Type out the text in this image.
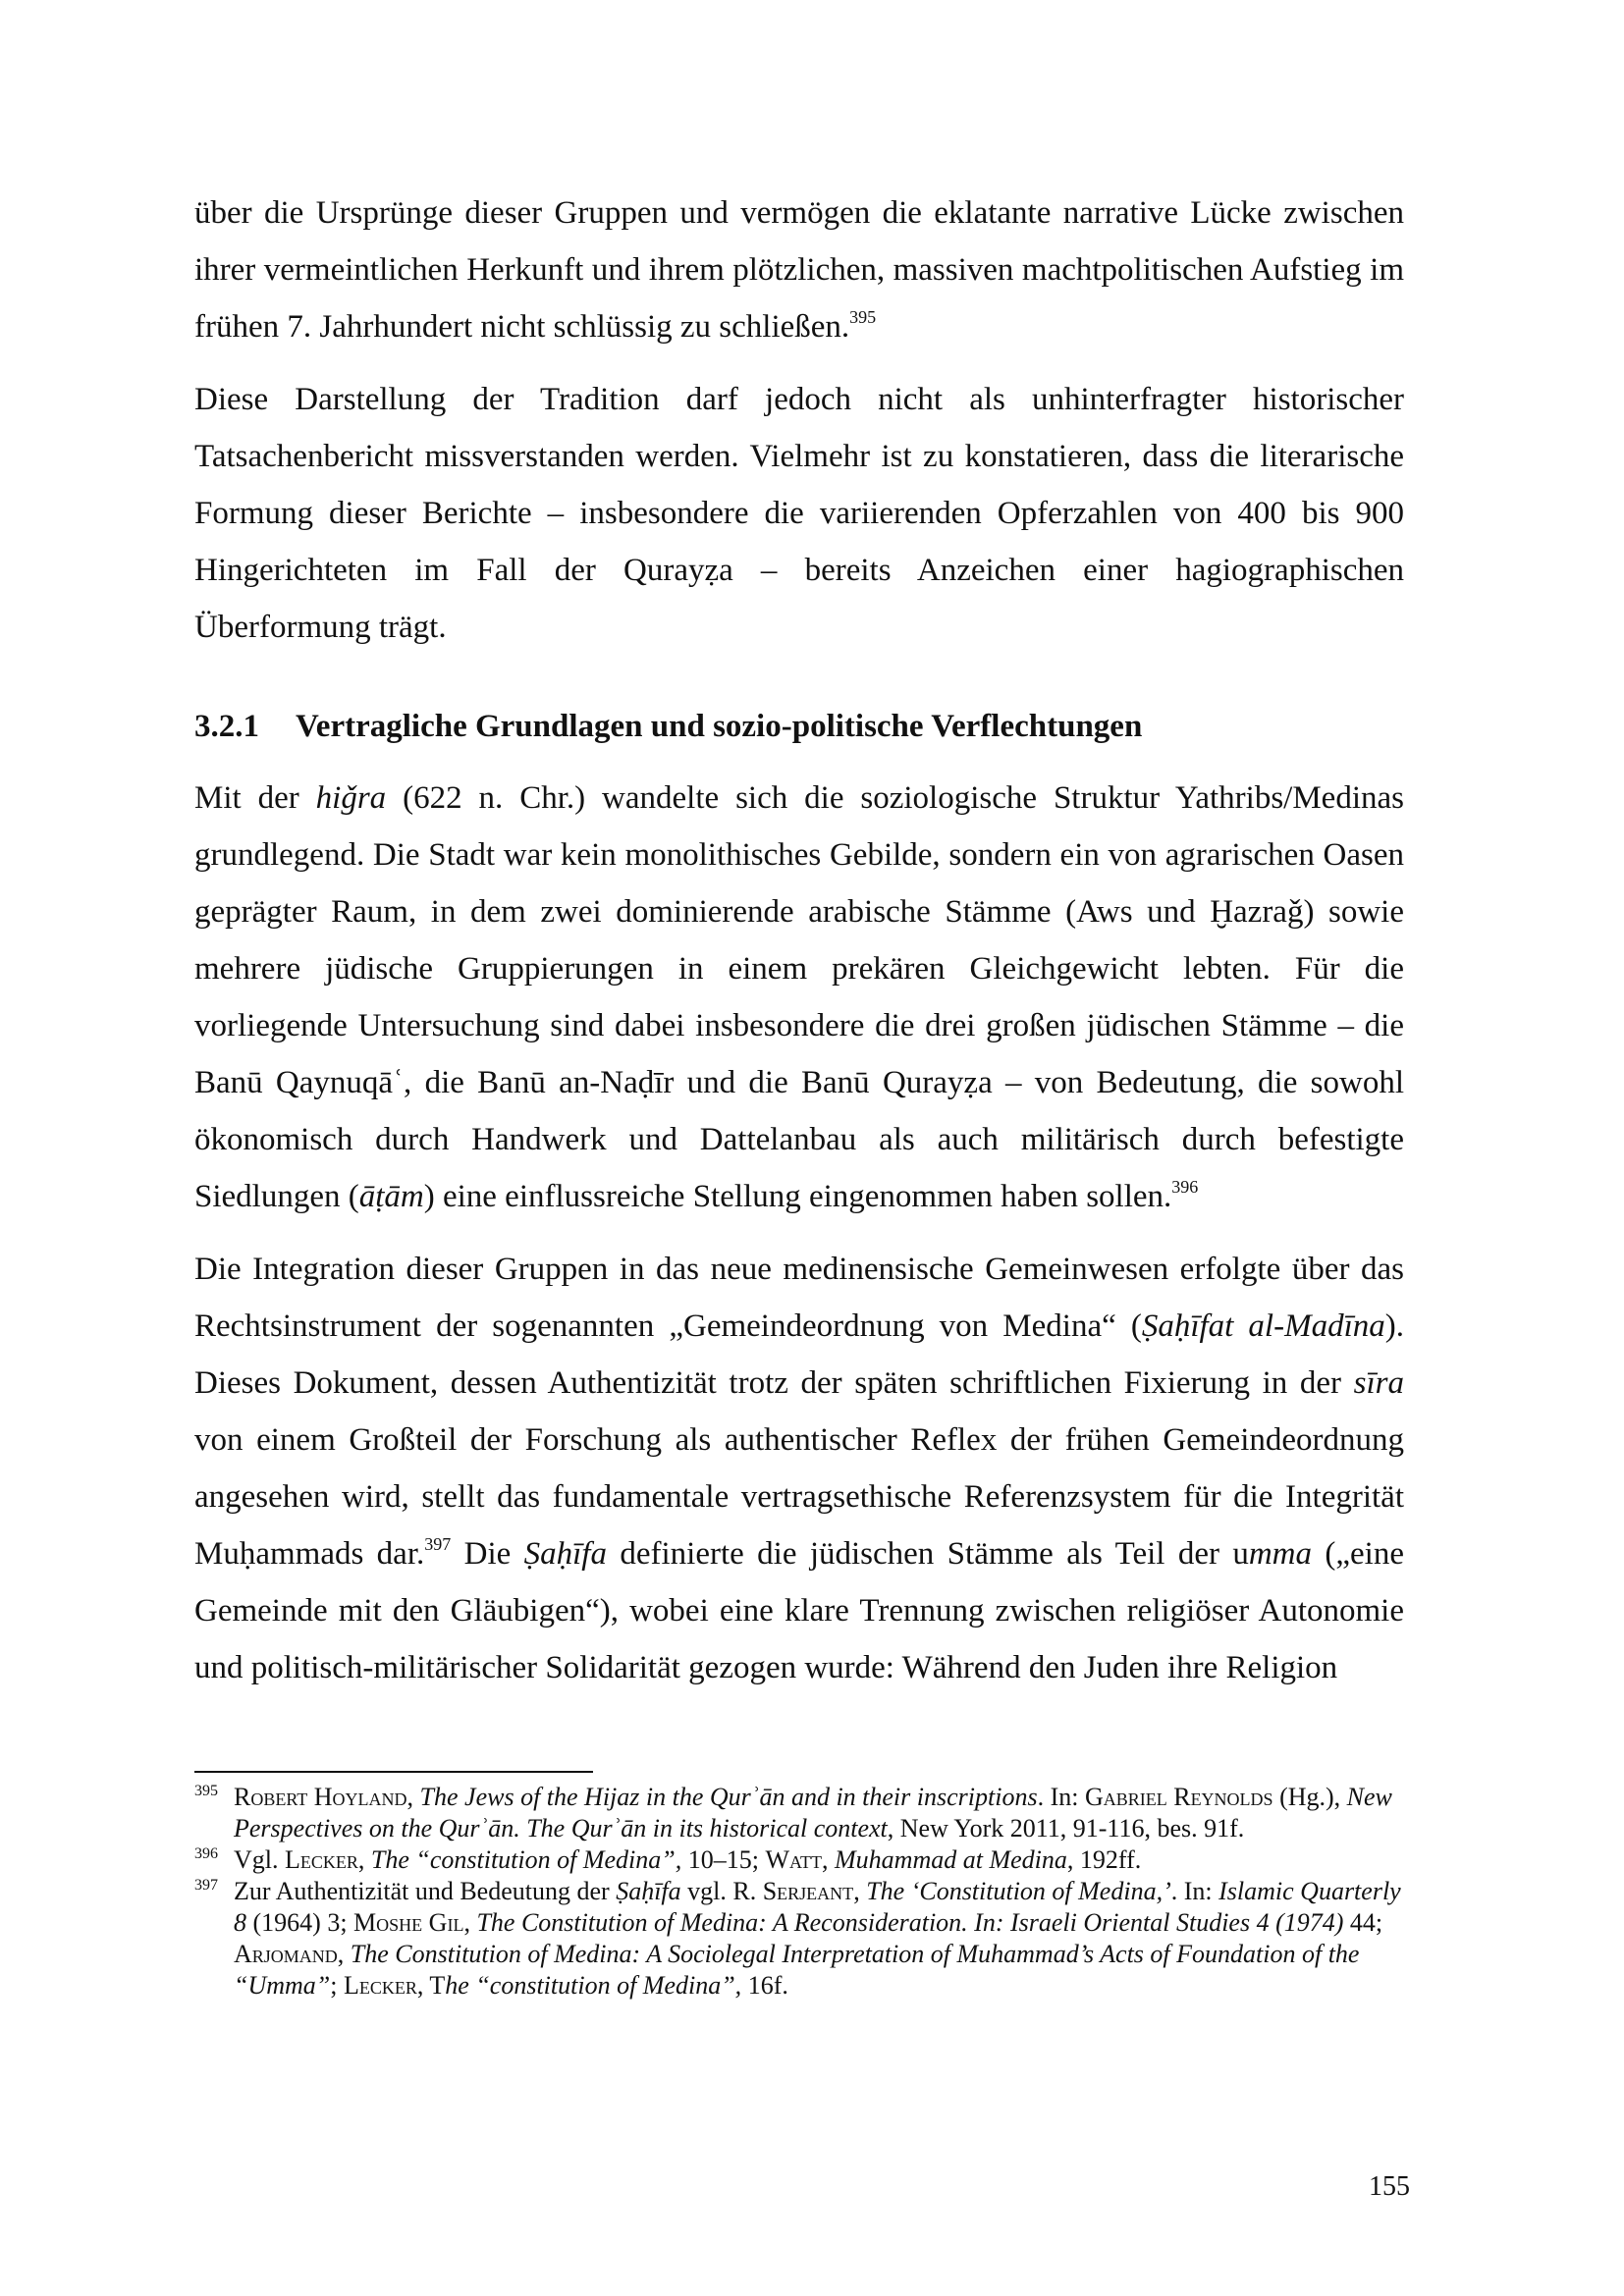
über die Ursprünge dieser Gruppen und vermögen die eklatante narrative Lücke zwischen ihrer vermeintlichen Herkunft und ihrem plötzlichen, massiven machtpolitischen Aufstieg im frühen 7. Jahrhundert nicht schlüssig zu schließen.$^{395}$

Diese Darstellung der Tradition darf jedoch nicht als unhinterfragter historischer Tatsachenbericht missverstanden werden. Vielmehr ist zu konstatieren, dass die literarische Formung dieser Berichte – insbesondere die variierenden Opferzahlen von 400 bis 900 Hingerichteten im Fall der Qurayẓa – bereits Anzeichen einer hagiographischen Überformung trägt.

3.2.1 Vertragliche Grundlagen und sozio-politische Verflechtungen

Mit der hiǧra (622 n. Chr.) wandelte sich die soziologische Struktur Yathribs/Medinas grundlegend. Die Stadt war kein monolithisches Gebilde, sondern ein von agrarischen Oasen geprägter Raum, in dem zwei dominierende arabische Stämme (Aws und Ḫazraǧ) sowie mehrere jüdische Gruppierungen in einem prekären Gleichgewicht lebten. Für die vorliegende Untersuchung sind dabei insbesondere die drei großen jüdischen Stämme – die Banū Qaynuqāʿ, die Banū an-Naḍīr und die Banū Qurayẓa – von Bedeutung, die sowohl ökonomisch durch Handwerk und Dattelanbau als auch militärisch durch befestigte Siedlungen (āṭām) eine einflussreiche Stellung eingenommen haben sollen.$^{396}$

Die Integration dieser Gruppen in das neue medinensische Gemeinwesen erfolgte über das Rechtsinstrument der sogenannten „Gemeindeordnung von Medina“ (Ṣaḥīfat al-Madīna). Dieses Dokument, dessen Authentizität trotz der späten schriftlichen Fixierung in der sīra von einem Großteil der Forschung als authentischer Reflex der frühen Gemeindeordnung angesehen wird, stellt das fundamentale vertragsethische Referenzsystem für die Integrität Muḥammads dar.$^{397}$ Die Ṣaḥīfa definierte die jüdischen Stämme als Teil der umma („eine Gemeinde mit den Gläubigen“), wobei eine klare Trennung zwischen religiöser Autonomie und politisch-militärischer Solidarität gezogen wurde: Während den Juden ihre Religion

395 Robert Hoyland, The Jews of the Hijaz in the Qurʾān and in their inscriptions. In: Gabriel Reynolds (Hg.), New Perspectives on the Qurʾān. The Qurʾān in its historical context, New York 2011, 91-116, bes. 91f.

396 Vgl. Lecker, The “constitution of Medina”, 10–15; Watt, Muhammad at Medina, 192ff.

397 Zur Authentizität und Bedeutung der Ṣaḥīfa vgl. R. Serjeant, The ‘Constitution of Medina,’. In: Islamic Quarterly 8 (1964) 3; Moshe Gil, The Constitution of Medina: A Reconsideration. In: Israeli Oriental Studies 4 (1974) 44; Arjomand, The Constitution of Medina: A Sociolegal Interpretation of Muhammad’s Acts of Foundation of the “Umma”; Lecker, The “constitution of Medina”, 16f.

155
